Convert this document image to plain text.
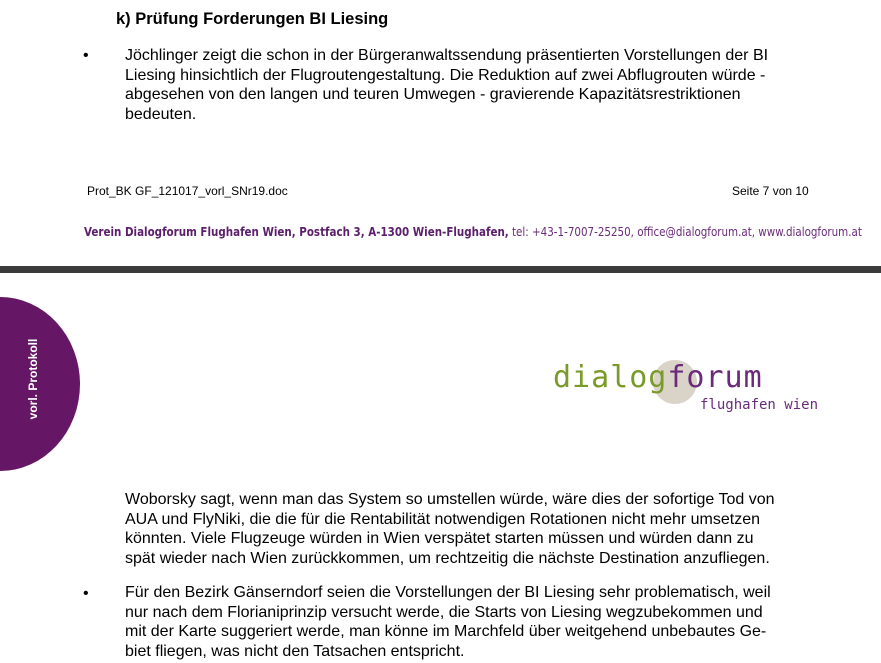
k) Prüfung Forderungen BI Liesing
• Jöchlinger zeigt die schon in der Bürgeranwaltssendung präsentierten Vorstellungen der BI
Liesing hinsichtlich der Flugroutengestaltung. Die Reduktion auf zwei Abflugrouten würde -
abgesehen von den langen und teuren Umwegen - gravierende Kapazitätsrestriktionen
bedeuten.
Prot_BK GF_121017_vorl_SNr19.doc	Seite 7 von 10
Verein Dialogforum Flughafen Wien, Postfach 3, A-1300 Wien-Flughafen, tel: +43-1-7007-25250, office@dialogforum.at, www.dialogforum.at
vorl. Protokoll	dialogforum
flughafen wien
Woborsky sagt, wenn man das System so umstellen würde, wäre dies der sofortige Tod von
AUA und FlyNiki, die die für die Rentabilität notwendigen Rotationen nicht mehr umsetzen
könnten. Viele Flugzeuge würden in Wien verspätet starten müssen und würden dann zu
spät wieder nach Wien zurückkommen, um rechtzeitig die nächste Destination anzufliegen.
• Für den Bezirk Gänserndorf seien die Vorstellungen der BI Liesing sehr problematisch, weil
nur nach dem Florianiprinzip versucht werde, die Starts von Liesing wegzubekommen und
mit der Karte suggeriert werde, man könne im Marchfeld über weitgehend unbebautes Ge-
biet fliegen, was nicht den Tatsachen entspricht.
